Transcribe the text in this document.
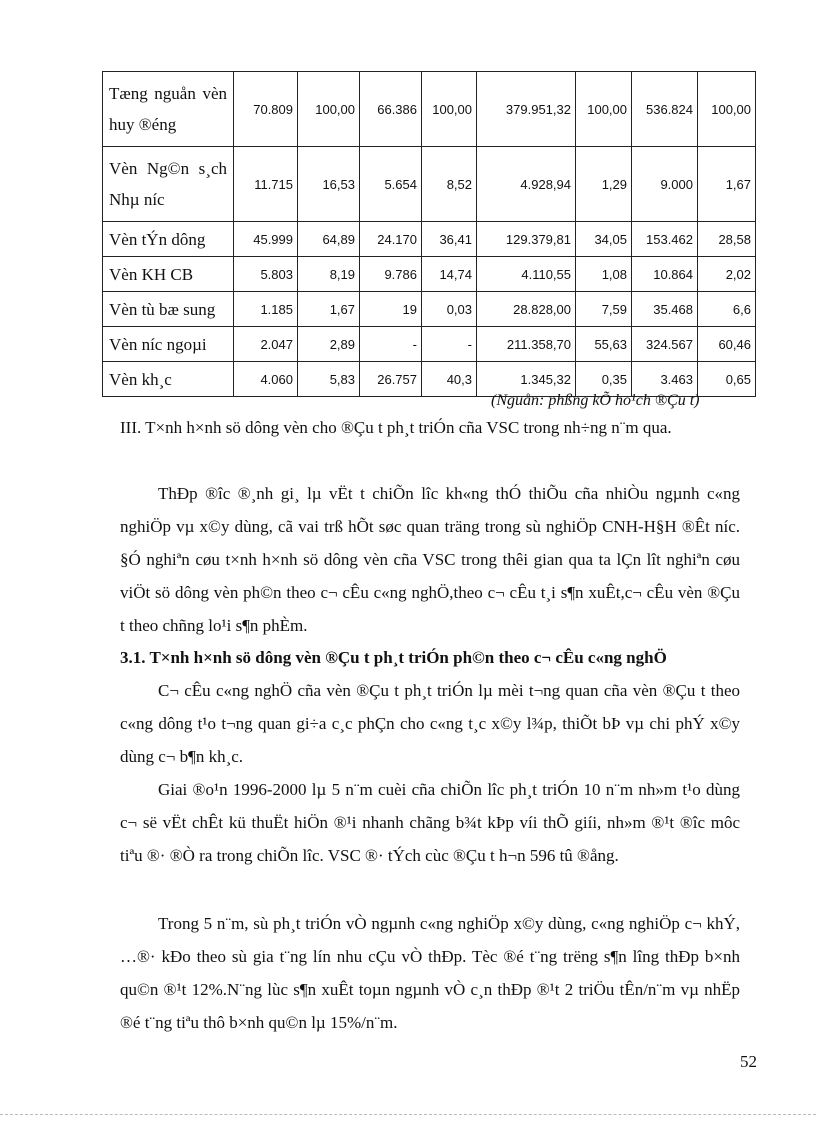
Tæng nguån vèn huy ®éng	70.809	100,00	66.386	100,00	379.951,32	100,00	536.824	100,00
Vèn Ng©n s¸ch Nhµ níc	11.715	16,53	5.654	8,52	4.928,94	1,29	9.000	1,67
Vèn tÝn dông	45.999	64,89	24.170	36,41	129.379,81	34,05	153.462	28,58
Vèn KH CB	5.803	8,19	9.786	14,74	4.110,55	1,08	10.864	2,02
Vèn tù bæ sung	1.185	1,67	19	0,03	28.828,00	7,59	35.468	6,6
Vèn níc ngoµi	2.047	2,89	-	-	211.358,70	55,63	324.567	60,46
Vèn kh¸c	4.060	5,83	26.757	40,3	1.345,32	0,35	3.463	0,65
(Nguån: phßng kÕ ho¹ch ®Çu t)

III. T×nh h×nh sö dông vèn cho ®Çu t ph¸t triÓn cña VSC trong nh÷ng n¨m qua.

ThÐp ®îc ®¸nh gi¸ lµ vËt t chiÕn lîc kh«ng thÓ thiÕu cña nhiÒu ngµnh c«ng nghiÖp vµ x©y dùng, cã vai trß hÕt søc quan träng trong sù nghiÖp CNH-H§H ®Êt níc. §Ó nghiªn cøu t×nh h×nh sö dông vèn cña VSC trong thêi gian qua ta lÇn lît nghiªn cøu viÖt sö dông vèn ph©n theo c¬ cÊu c«ng nghÖ,theo c¬ cÊu t¸i s¶n xuÊt,c¬ cÊu vèn ®Çu t theo chñng lo¹i s¶n phÈm.

3.1. T×nh h×nh sö dông vèn ®Çu t ph¸t triÓn ph©n theo c¬ cÊu c«ng nghÖ

C¬ cÊu c«ng nghÖ cña vèn ®Çu t ph¸t triÓn lµ mèi t¬ng quan cña vèn ®Çu t theo c«ng dông t¹o t¬ng quan gi÷a c¸c phÇn cho c«ng t¸c x©y l¾p, thiÕt bÞ vµ chi phÝ x©y dùng c¬ b¶n kh¸c.

Giai ®o¹n 1996-2000 lµ 5 n¨m cuèi cña chiÕn lîc ph¸t triÓn 10 n¨m nh»m t¹o dùng c¬ së vËt chÊt kü thuËt hiÖn ®¹i nhanh chãng b¾t kÞp víi thÕ giíi, nh»m ®¹t ®îc môc tiªu ®· ®Ò ra trong chiÕn lîc. VSC ®· tÝch cùc ®Çu t h¬n 596 tû ®ång.

Trong 5 n¨m, sù ph¸t triÓn vÒ ngµnh c«ng nghiÖp x©y dùng, c«ng nghiÖp c¬ khÝ, …®· kÐo theo sù gia t¨ng lín nhu cÇu vÒ thÐp. Tèc ®é t¨ng trëng s¶n lîng thÐp b×nh qu©n ®¹t 12%.N¨ng lùc s¶n xuÊt toµn ngµnh vÒ c¸n thÐp ®¹t 2 triÖu tÊn/n¨m vµ nhËp ®é t¨ng tiªu thô b×nh qu©n lµ 15%/n¨m.

52
